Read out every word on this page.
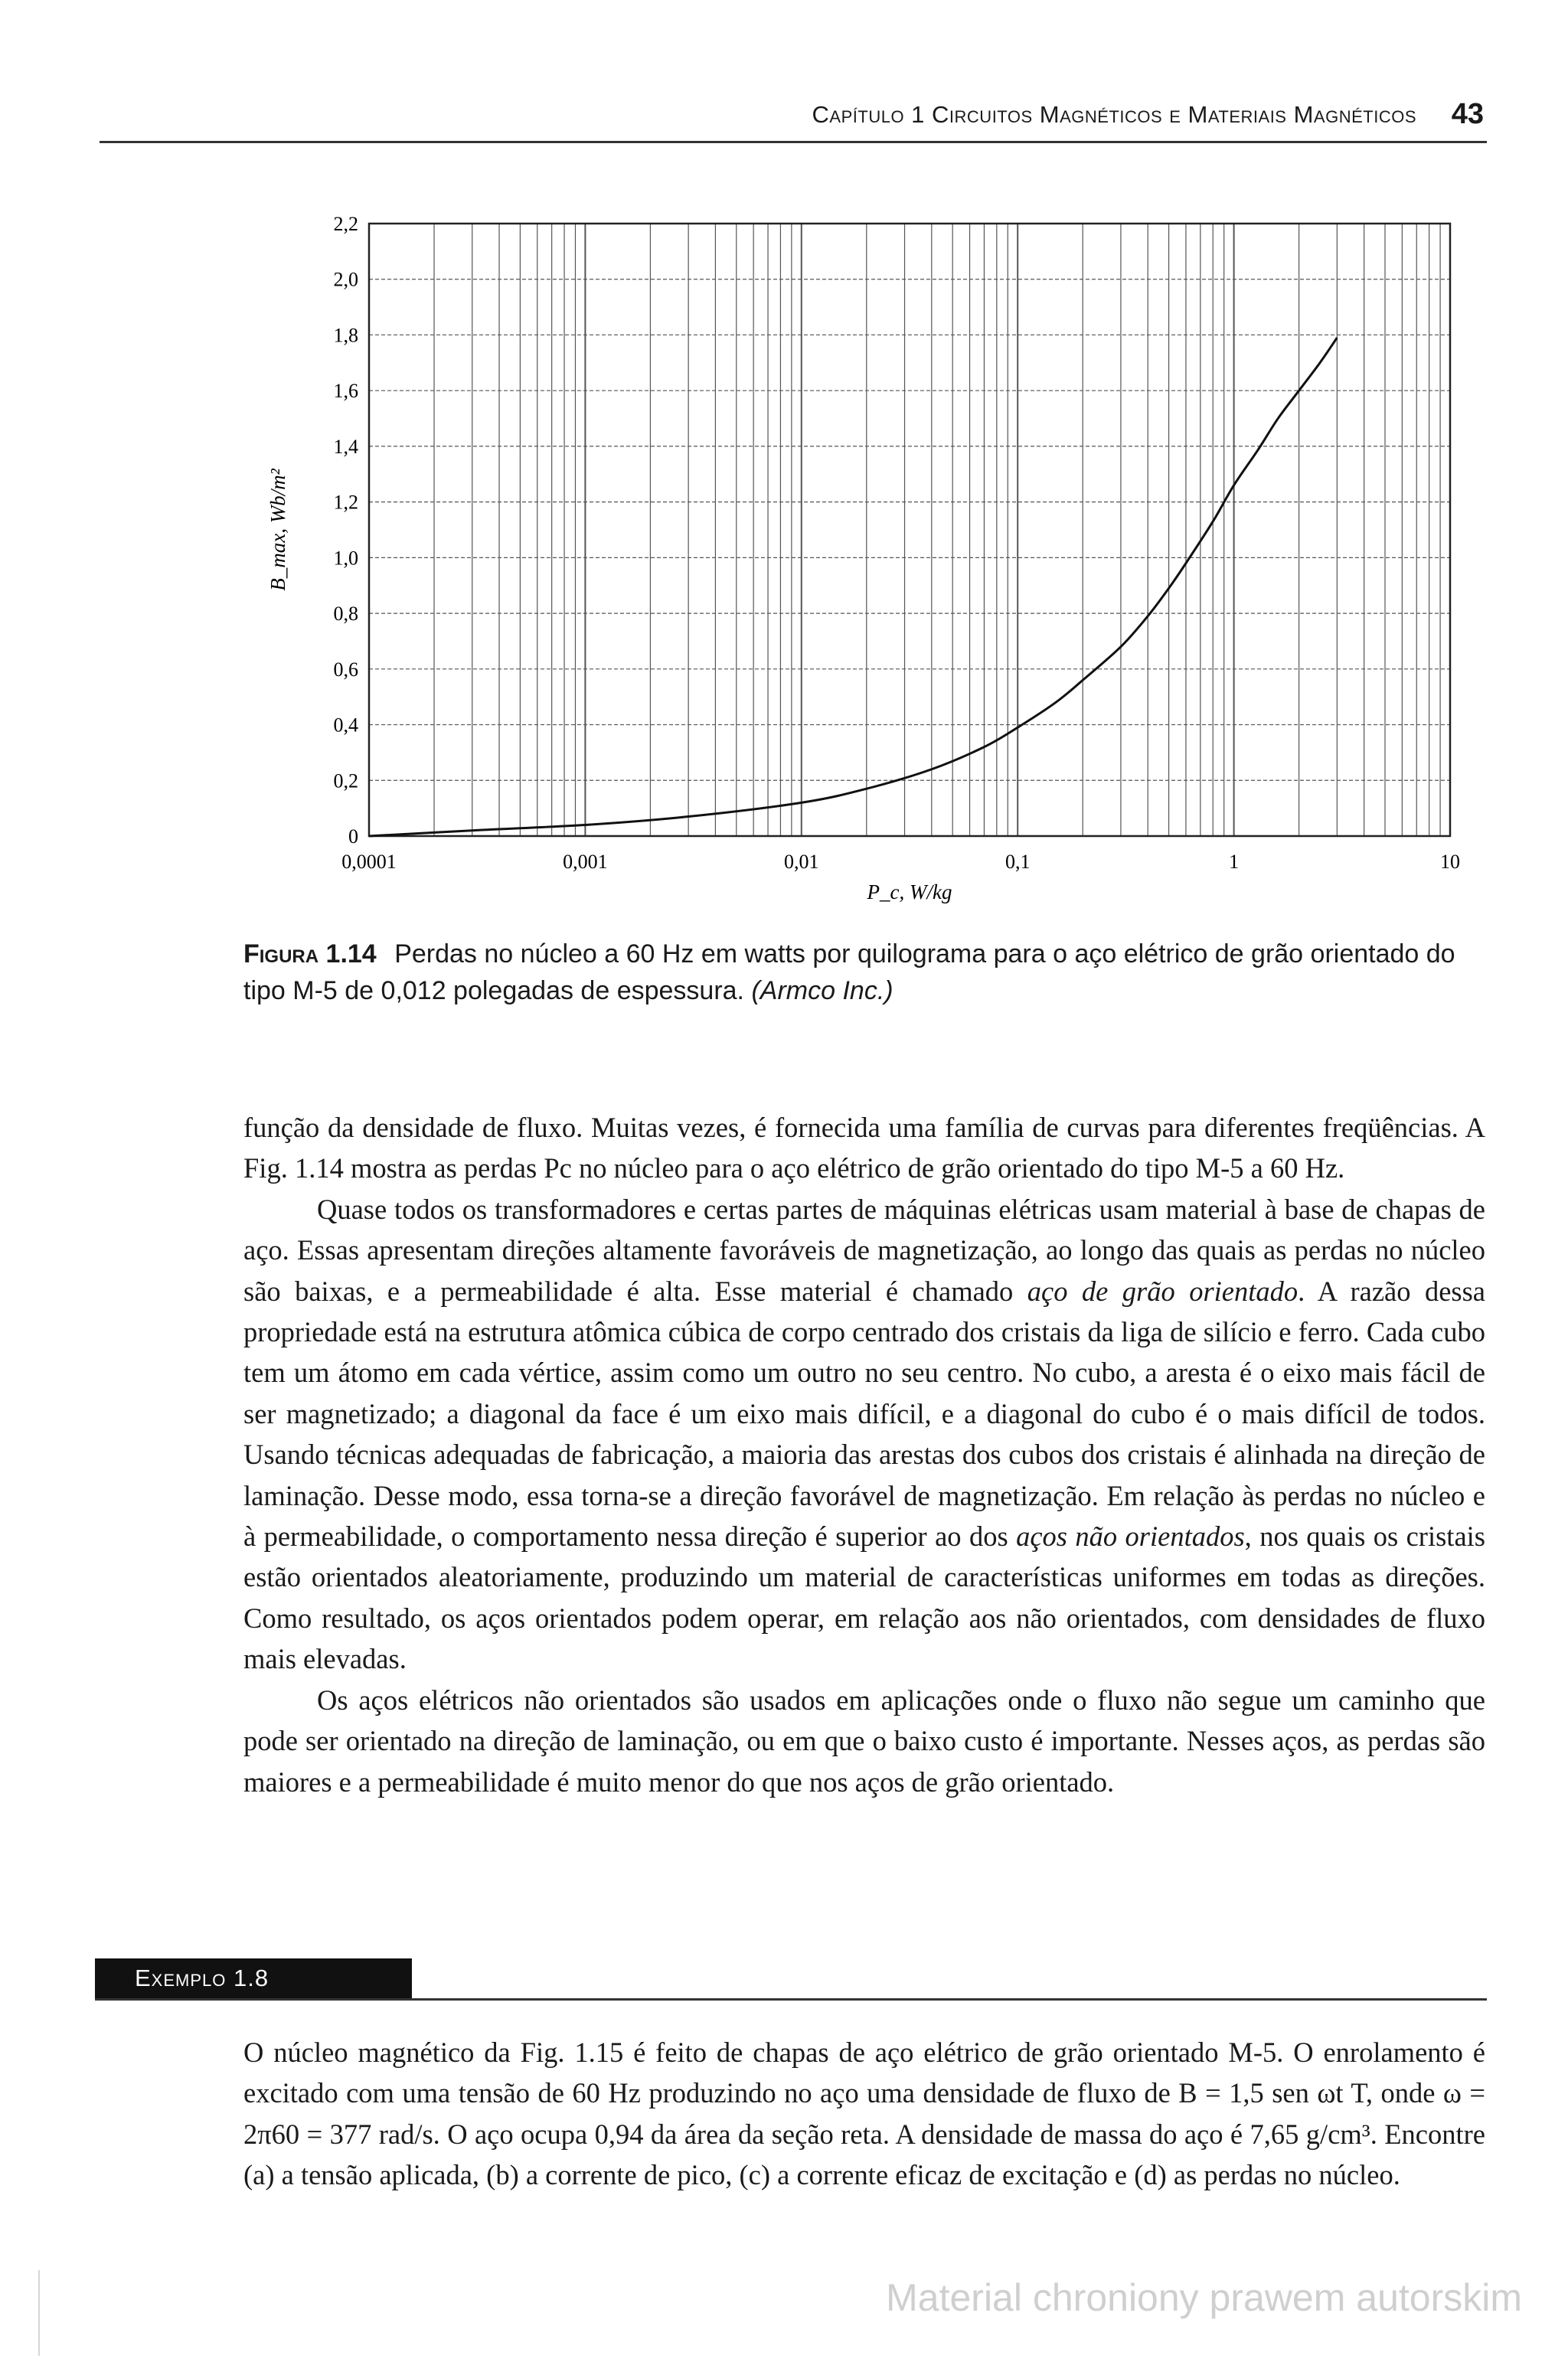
Capítulo 1 Circuitos Magnéticos e Materiais Magnéticos 43
0,0001	0,001	0,01	0,1	1	10
0
0,2
0,4
0,6
0,8
1,0
1,2
1,4
1,6
1,8
2,0
2,2
P_c, W/kg
B_max, Wb/m²
Figura 1.14 Perdas no núcleo a 60 Hz em watts por quilograma para o aço elétrico de grão orientado do tipo M-5 de 0,012 polegadas de espessura. (Armco Inc.)

função da densidade de fluxo. Muitas vezes, é fornecida uma família de curvas para diferentes freqüências. A Fig. 1.14 mostra as perdas Pc no núcleo para o aço elétrico de grão orientado do tipo M-5 a 60 Hz.

Quase todos os transformadores e certas partes de máquinas elétricas usam material à base de chapas de aço. Essas apresentam direções altamente favoráveis de magnetização, ao longo das quais as perdas no núcleo são baixas, e a permeabilidade é alta. Esse material é chamado aço de grão orientado. A razão dessa propriedade está na estrutura atômica cúbica de corpo centrado dos cristais da liga de silício e ferro. Cada cubo tem um átomo em cada vértice, assim como um outro no seu centro. No cubo, a aresta é o eixo mais fácil de ser magnetizado; a diagonal da face é um eixo mais difícil, e a diagonal do cubo é o mais difícil de todos. Usando técnicas adequadas de fabricação, a maioria das arestas dos cubos dos cristais é alinhada na direção de laminação. Desse modo, essa torna-se a direção favorável de magnetização. Em relação às perdas no núcleo e à permeabilidade, o comportamento nessa direção é superior ao dos aços não orientados, nos quais os cristais estão orientados aleatoriamente, produzindo um material de características uniformes em todas as direções. Como resultado, os aços orientados podem operar, em relação aos não orientados, com densidades de fluxo mais elevadas.

Os aços elétricos não orientados são usados em aplicações onde o fluxo não segue um caminho que pode ser orientado na direção de laminação, ou em que o baixo custo é importante. Nesses aços, as perdas são maiores e a permeabilidade é muito menor do que nos aços de grão orientado.

Exemplo 1.8

O núcleo magnético da Fig. 1.15 é feito de chapas de aço elétrico de grão orientado M-5. O enrolamento é excitado com uma tensão de 60 Hz produzindo no aço uma densidade de fluxo de B = 1,5 sen ωt T, onde ω = 2π60 = 377 rad/s. O aço ocupa 0,94 da área da seção reta. A densidade de massa do aço é 7,65 g/cm³. Encontre (a) a tensão aplicada, (b) a corrente de pico, (c) a corrente eficaz de excitação e (d) as perdas no núcleo.

Material chroniony prawem autorskim
